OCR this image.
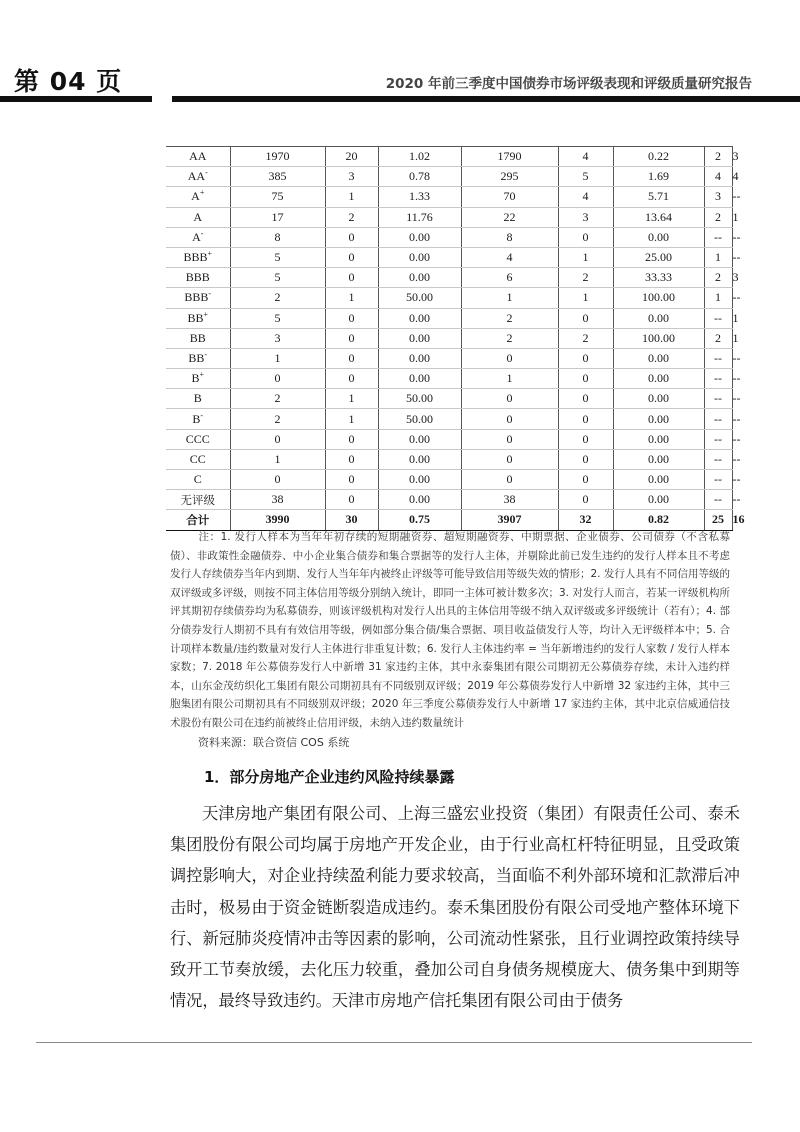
第 04 页	2020 年前三季度中国债券市场评级表现和评级质量研究报告
AA	1970	20	1.02	1790	4	0.22	2	3
AA-	385	3	0.78	295	5	1.69	4	4
A+	75	1	1.33	70	4	5.71	3	--
A	17	2	11.76	22	3	13.64	2	1
A-	8	0	0.00	8	0	0.00	--	--
BBB+	5	0	0.00	4	1	25.00	1	--
BBB	5	0	0.00	6	2	33.33	2	3
BBB-	2	1	50.00	1	1	100.00	1	--
BB+	5	0	0.00	2	0	0.00	--	1
BB	3	0	0.00	2	2	100.00	2	1
BB-	1	0	0.00	0	0	0.00	--	--
B+	0	0	0.00	1	0	0.00	--	--
B	2	1	50.00	0	0	0.00	--	--
B-	2	1	50.00	0	0	0.00	--	--
CCC	0	0	0.00	0	0	0.00	--	--
CC	1	0	0.00	0	0	0.00	--	--
C	0	0	0.00	0	0	0.00	--	--
无评级	38	0	0.00	38	0	0.00	--	--
合计	3990	30	0.75	3907	32	0.82	25	16
注：1. 发行人样本为当年年初存续的短期融资券、超短期融资券、中期票据、企业债券、公司债券（不含私募债）、非政策性金融债券、中小企业集合债券和集合票据等的发行人主体，并剔除此前已发生违约的发行人样本且不考虑发行人存续债券当年内到期、发行人当年年内被终止评级等可能导致信用等级失效的情形；2. 发行人具有不同信用等级的双评级或多评级，则按不同主体信用等级分别纳入统计，即同一主体可被计数多次；3. 对发行人而言，若某一评级机构所评其期初存续债券均为私募债券，则该评级机构对发行人出具的主体信用等级不纳入双评级或多评级统计（若有）；4. 部分债券发行人期初不具有有效信用等级，例如部分集合债/集合票据、项目收益债发行人等，均计入无评级样本中；5. 合计项样本数量/违约数量对发行人主体进行非重复计数；6. 发行人主体违约率 = 当年新增违约的发行人家数 / 发行人样本家数；7. 2018 年公募债券发行人中新增 31 家违约主体，其中永泰集团有限公司期初无公募债券存续，未计入违约样本，山东金茂纺织化工集团有限公司期初具有不同级别双评级；2019 年公募债券发行人中新增 32 家违约主体，其中三胞集团有限公司期初具有不同级别双评级；2020 年三季度公募债券发行人中新增 17 家违约主体，其中北京信威通信技术股份有限公司在违约前被终止信用评级，未纳入违约数量统计
资料来源：联合资信 COS 系统
1．部分房地产企业违约风险持续暴露
天津房地产集团有限公司、上海三盛宏业投资（集团）有限责任公司、泰禾集团股份有限公司均属于房地产开发企业，由于行业高杠杆特征明显，且受政策调控影响大，对企业持续盈利能力要求较高，当面临不利外部环境和汇款滞后冲击时，极易由于资金链断裂造成违约。泰禾集团股份有限公司受地产整体环境下行、新冠肺炎疫情冲击等因素的影响，公司流动性紧张，且行业调控政策持续导致开工节奏放缓，去化压力较重，叠加公司自身债务规模庞大、债务集中到期等情况，最终导致违约。天津市房地产信托集团有限公司由于债务
